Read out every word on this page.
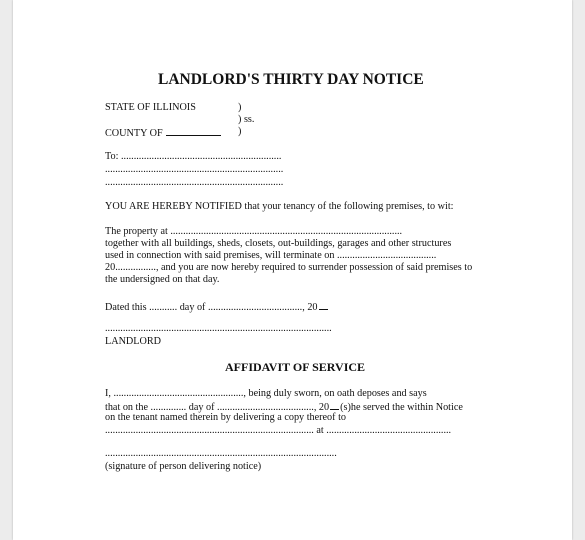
LANDLORD'S THIRTY DAY NOTICE
STATE OF ILLINOIS	)
) ss.
COUNTY OF	)
To: ...............................................................
......................................................................
......................................................................
YOU ARE HEREBY NOTIFIED that your tenancy of the following premises, to wit:
The property at ...........................................................................................
together with all buildings, sheds, closets, out-buildings, garages and other structures
used in connection with said premises, will terminate on .......................................
20................, and you are now hereby required to surrender possession of said premises to
the undersigned on that day.
Dated this ........... day of ....................................., 20
.........................................................................................
LANDLORD
AFFIDAVIT OF SERVICE
I, ..................................................., being duly sworn, on oath deposes and says
that on the .............. day of ......................................, 20 (s)he served the within Notice
on the tenant named therein by delivering a copy thereof to
.................................................................................. at .................................................
...........................................................................................
(signature of person delivering notice)
